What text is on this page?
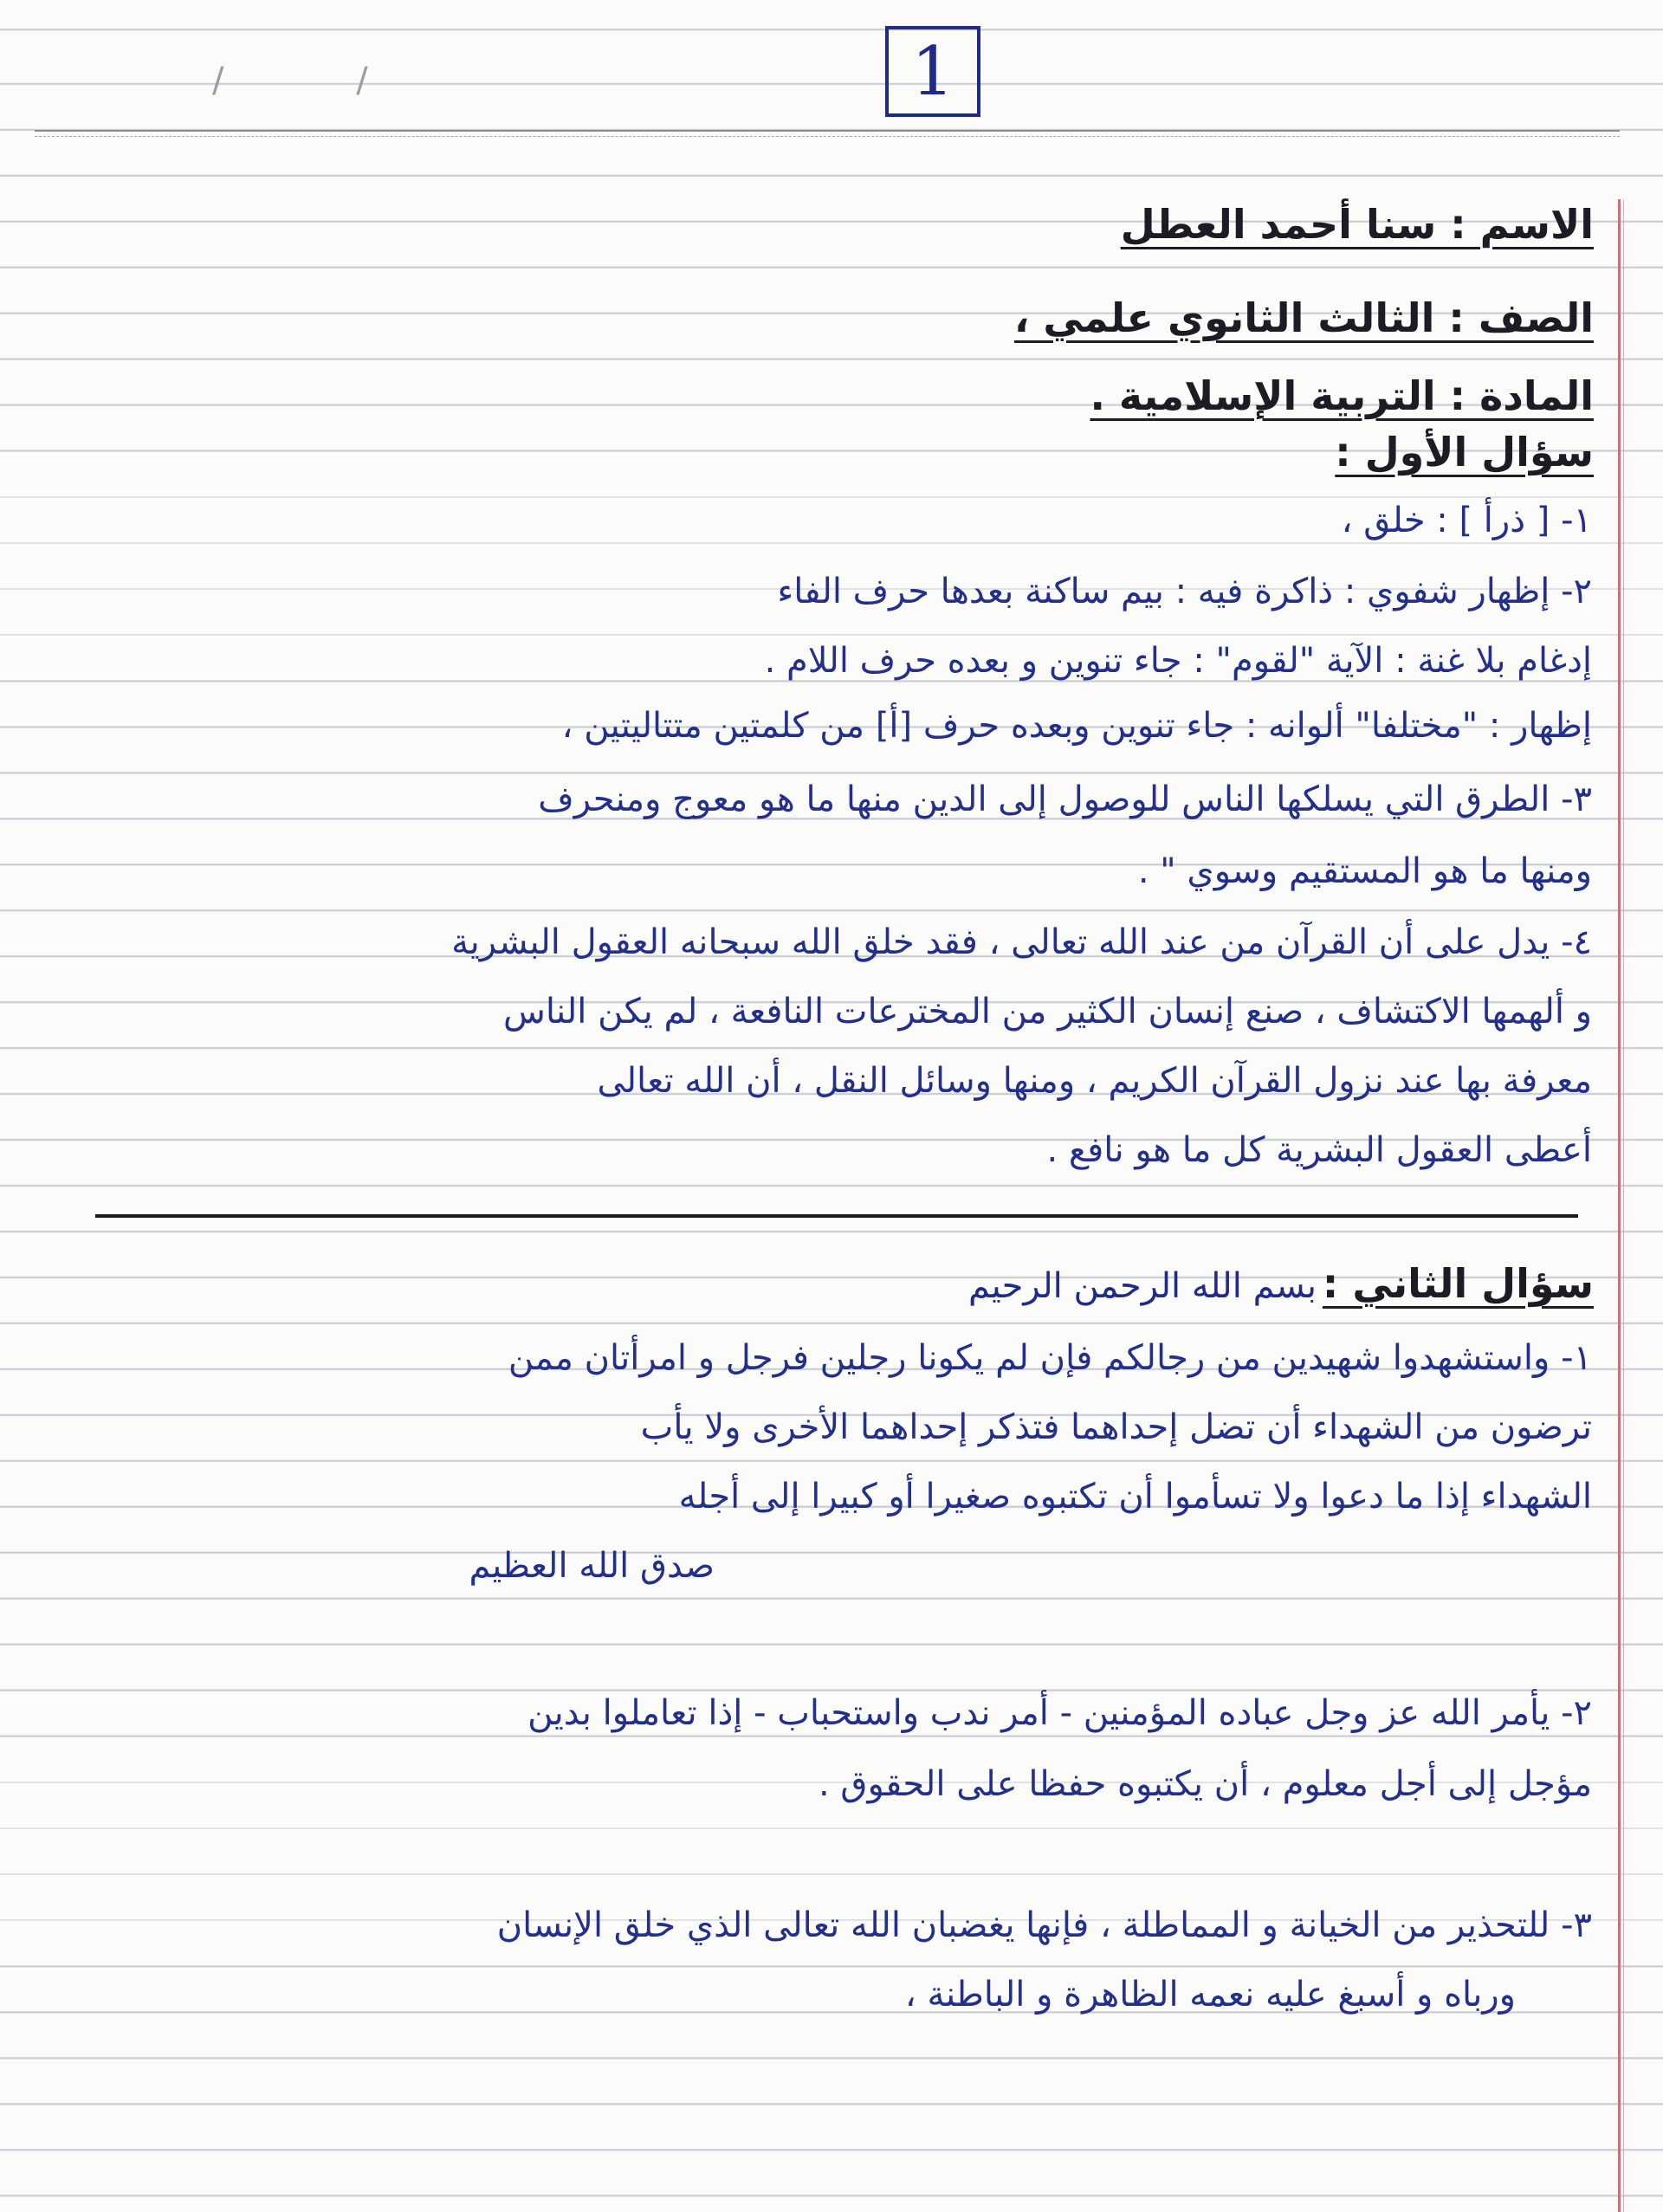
/ /	1
الاسم : سنا أحمد العطل
الصف : الثالث الثانوي علمي ،
المادة : التربية الإسلامية .
سؤال الأول :
١- [ ذرأ ] : خلق ،
٢- إظهار شفوي : ذاكرة فيه : بيم ساكنة بعدها حرف الفاء
إدغام بلا غنة : الآية "لقوم" : جاء تنوين و بعده حرف اللام .
إظهار : "مختلفا" ألوانه : جاء تنوين وبعده حرف [أ] من كلمتين متتاليتين ،
٣- الطرق التي يسلكها الناس للوصول إلى الدين منها ما هو معوج ومنحرف
ومنها ما هو المستقيم وسوي " .
٤- يدل على أن القرآن من عند الله تعالى ، فقد خلق الله سبحانه العقول البشرية
و ألهمها الاكتشاف ، صنع إنسان الكثير من المخترعات النافعة ، لم يكن الناس
معرفة بها عند نزول القرآن الكريم ، ومنها وسائل النقل ، أن الله تعالى
أعطى العقول البشرية كل ما هو نافع .
سؤال الثاني :
بسم الله الرحمن الرحيم
١- واستشهدوا شهيدين من رجالكم فإن لم يكونا رجلين فرجل و امرأتان ممن
ترضون من الشهداء أن تضل إحداهما فتذكر إحداهما الأخرى ولا يأب
الشهداء إذا ما دعوا ولا تسأموا أن تكتبوه صغيرا أو كبيرا إلى أجله
صدق الله العظيم
٢- يأمر الله عز وجل عباده المؤمنين - أمر ندب واستحباب - إذا تعاملوا بدين
مؤجل إلى أجل معلوم ، أن يكتبوه حفظا على الحقوق .
٣- للتحذير من الخيانة و المماطلة ، فإنها يغضبان الله تعالى الذي خلق الإنسان
ورباه و أسبغ عليه نعمه الظاهرة و الباطنة ،
